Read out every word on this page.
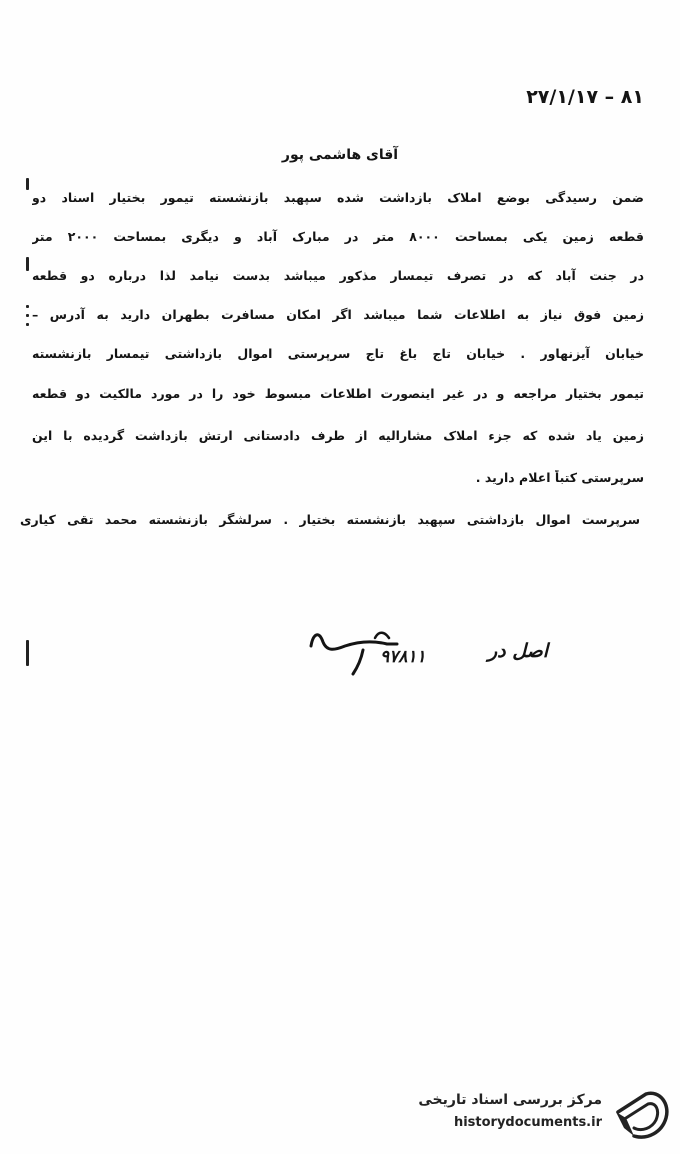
۸۱ – ۲۷/۱/۱۷
آقای هاشمی پور
ضمن رسیدگی بوضع املاک بازداشت شده سپهبد بازنشسته تیمور بختیار اسناد دو
قطعه زمین یکی بمساحت ۸۰۰۰ متر در مبارک آباد و دیگری بمساحت ۲۰۰۰ متر
در جنت آباد که در تصرف تیمسار مذکور میباشد بدست نیامد لذا درباره دو قطعه
زمین فوق نیاز به اطلاعات شما میباشد اگر امکان مسافرت بطهران دارید به آدرس –
خیابان آیزنهاور . خیابان تاج باغ تاج سرپرستی اموال بازداشتی تیمسار بازنشسته
تیمور بختیار مراجعه و در غیر اینصورت اطلاعات مبسوط خود را در مورد مالکیت دو قطعه
زمین یاد شده که جزء املاک مشارالیه از طرف دادستانی ارتش بازداشت گردیده با این
سرپرستی کتباً اعلام دارید .
سرپرست اموال بازداشتی سپهبد بازنشسته بختیار . سرلشگر بازنشسته محمد تقی کیاری
۹۷۸۱۱	اصل در
مرکز بررسی اسناد تاریخی
historydocuments.ir
